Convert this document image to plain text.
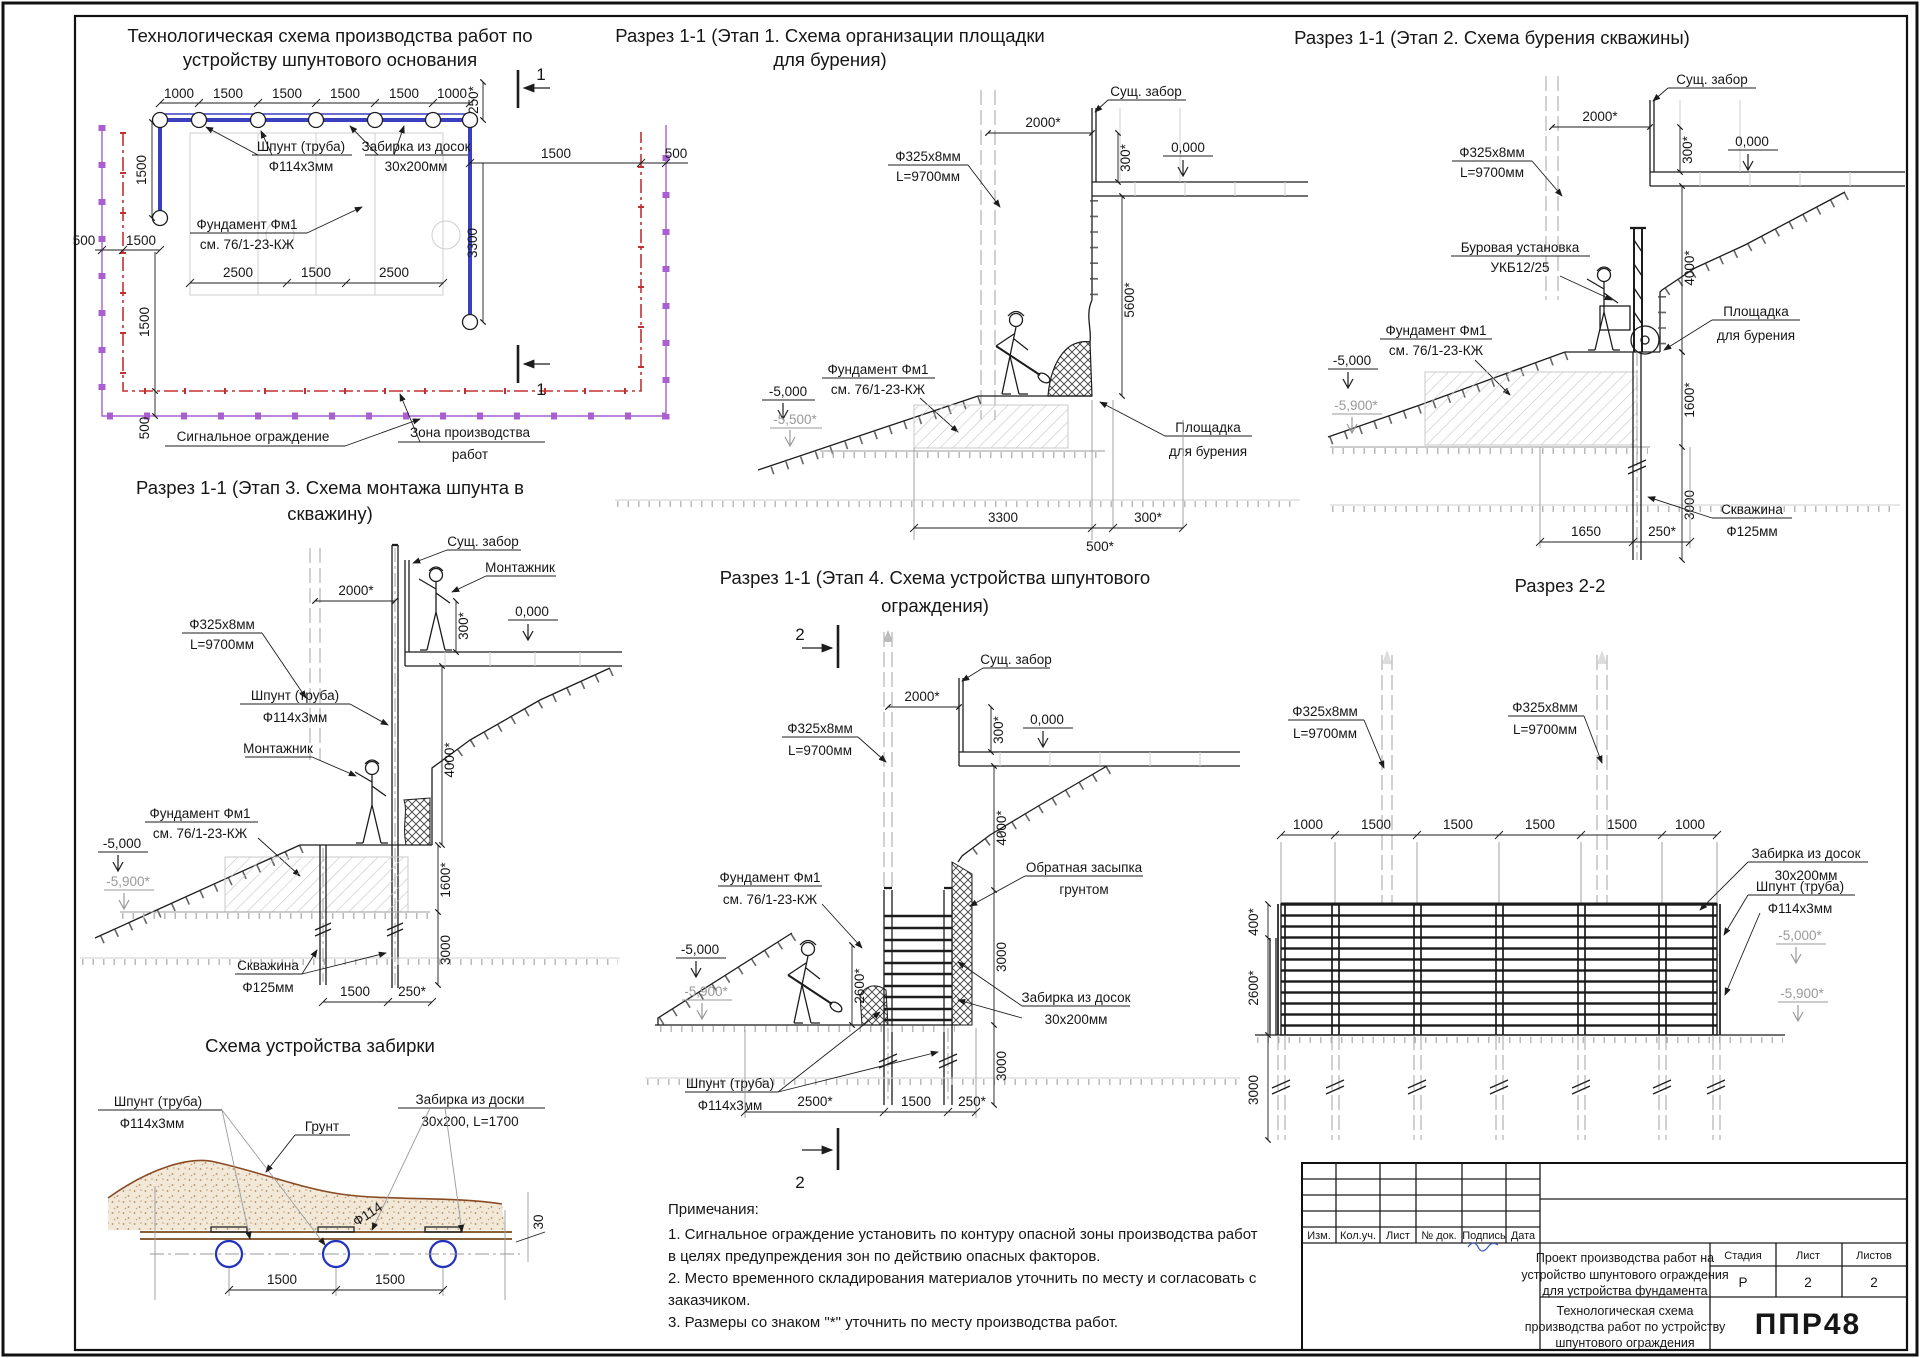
Технологическая схема производства работ по
устройству шпунтового основания
1000 1500 1500 1500 1500 1000
250*
1
1
1500
500 1500
1500
500
1500	500
3300
2500	1500	2500
Шпунт (труба)
Ф114х3мм
Забирка из досок
30х200мм
Фундамент Фм1
см. 76/1-23-КЖ
Сигнальное ограждение	Зона производства
работ
Разрез 1-1 (Этап 1. Схема организации площадки
для бурения)
Сущ. забор
2000*
300*	0,000
Ф325х8мм
L=9700мм
5600*
Фундамент Фм1
см. 76/1-23-КЖ
-5,000
-5,500*
Площадка
для бурения
3300
500*
300*
Разрез 1-1 (Этап 2. Схема бурения скважины)
Сущ. забор
2000*
300*	0,000
Ф325х8мм
L=9700мм
Буровая установка
УКБ12/25	4000*
Площадка
для бурения
Фундамент Фм1
см. 76/1-23-КЖ
-5,000
-5,900*	1600*
3000 Скважина
Ф125мм
1650	250*
Разрез 1-1 (Этап 3. Схема монтажа шпунта в
скважину)
Сущ. забор
Монтажник
2000*
300*
0,000
Ф325х8мм
L=9700мм
Шпунт (труба)
Ф114х3мм
Монтажник	4000*
Фундамент Фм1
см. 76/1-23-КЖ
-5,000
-5,900*	1600*
3000
Скважина
Ф125мм	1500 250*
Схема устройства забирки
Шпунт (труба)
Ф114х3мм	Грунт
Забирка из доски
30х200, L=1700
Ф114	30
1500	1500
Разрез 1-1 (Этап 4. Схема устройства шпунтового
ограждения)
2
2
Сущ. забор
2000*
300* 0,000
Ф325х8мм
L=9700мм
4000*
3000
3000
2600*
Обратная засыпка
грунтом
Фундамент Фм1
см. 76/1-23-КЖ
-5,000
-5,900*	Забирка из досок
30х200мм
Шпунт (труба)
Ф114х3мм	2500*	1500 250*
Разрез 2-2
Ф325х8мм
L=9700мм
Ф325х8мм
L=9700мм
1000	1500	1500	1500	1500	1000
Забирка из досок
30х200мм
Шпунт (труба)
Ф114х3мм
-5,000*
-5,900*
400*
2600*
3000
Примечания:
1. Сигнальное ограждение установить по контуру опасной зоны производства работ
в целях предупреждения зон по действию опасных факторов.
2. Место временного складирования материалов уточнить по месту и согласовать с
заказчиком.
3. Размеры со знаком "*" уточнить по месту производства работ.
Изм. Кол.уч. Лист № док. Подпись Дата
Проект производства работ на
устройство шпунтового ограждения
для устройства фундамента
Стадия	Лист	Листов
Р	2	2
Технологическая схема
производства работ по устройству
шпунтового ограждения
ППР48
